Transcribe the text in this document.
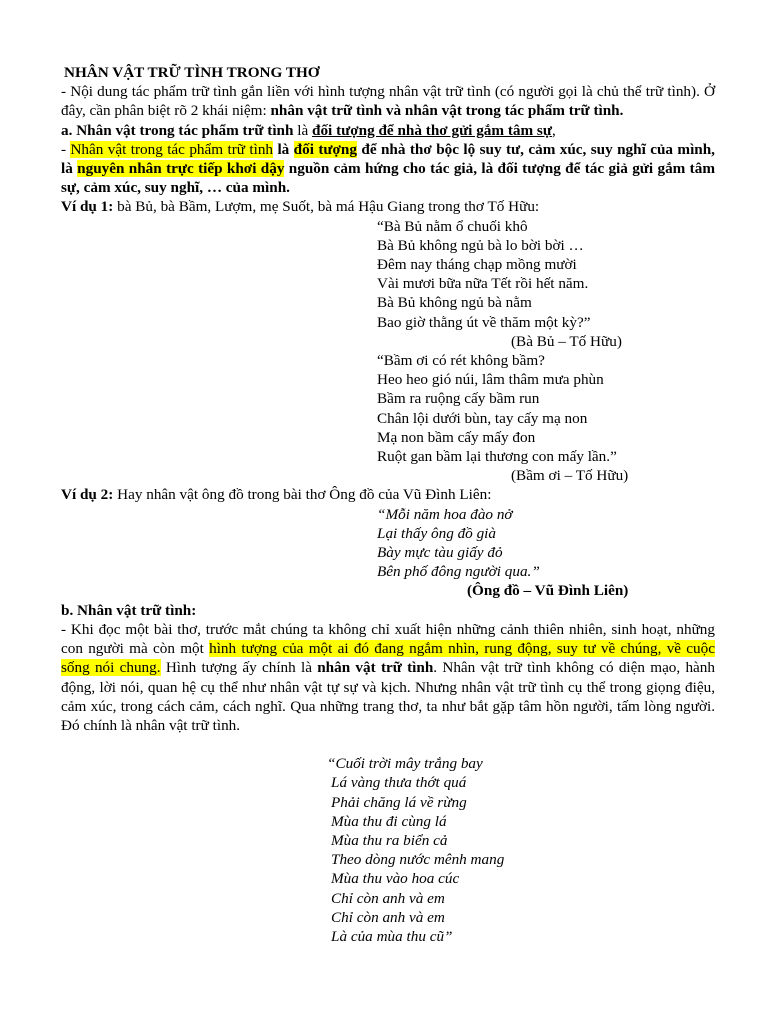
NHÂN VẬT TRỮ TÌNH TRONG THƠ

- Nội dung tác phẩm trữ tình gắn liền với hình tượng nhân vật trữ tình (có người gọi là chủ thể trữ tình). Ở đây, cần phân biệt rõ 2 khái niệm: nhân vật trữ tình và nhân vật trong tác phẩm trữ tình.

a. Nhân vật trong tác phẩm trữ tình là đối tượng để nhà thơ gửi gắm tâm sự,

- Nhân vật trong tác phẩm trữ tình là đối tượng để nhà thơ bộc lộ suy tư, cảm xúc, suy nghĩ của mình, là nguyên nhân trực tiếp khơi dậy nguồn cảm hứng cho tác giả, là đối tượng để tác giả gửi gắm tâm sự, cảm xúc, suy nghĩ, … của mình.

Ví dụ 1: bà Bủ, bà Bầm, Lượm, mẹ Suốt, bà má Hậu Giang trong thơ Tố Hữu:

“Bà Bủ nằm ổ chuối khô

Bà Bủ không ngủ bà lo bời bời …

Đêm nay tháng chạp mồng mười

Vài mươi bữa nữa Tết rồi hết năm.

Bà Bủ không ngủ bà nằm

Bao giờ thằng út về thăm một kỳ?”

(Bà Bủ – Tố Hữu)

“Bầm ơi có rét không bầm?

Heo heo gió núi, lâm thâm mưa phùn

Bầm ra ruộng cấy bầm run

Chân lội dưới bùn, tay cấy mạ non

Mạ non bầm cấy mấy đon

Ruột gan bầm lại thương con mấy lần.”

(Bầm ơi – Tố Hữu)

Ví dụ 2: Hay nhân vật ông đồ trong bài thơ Ông đồ của Vũ Đình Liên:

“Mỗi năm hoa đào nở

Lại thấy ông đồ già

Bày mực tàu giấy đỏ

Bên phố đông người qua.”

(Ông đồ – Vũ Đình Liên)

b. Nhân vật trữ tình:

- Khi đọc một bài thơ, trước mắt chúng ta không chỉ xuất hiện những cảnh thiên nhiên, sinh hoạt, những con người mà còn một hình tượng của một ai đó đang ngắm nhìn, rung động, suy tư về chúng, về cuộc sống nói chung. Hình tượng ấy chính là nhân vật trữ tình. Nhân vật trữ tình không có diện mạo, hành động, lời nói, quan hệ cụ thể như nhân vật tự sự và kịch. Nhưng nhân vật trữ tình cụ thể trong giọng điệu, cảm xúc, trong cách cảm, cách nghĩ. Qua những trang thơ, ta như bắt gặp tâm hồn người, tấm lòng người. Đó chính là nhân vật trữ tình.

“Cuối trời mây trắng bay

Lá vàng thưa thớt quá

Phải chăng lá về rừng

Mùa thu đi cùng lá

Mùa thu ra biển cả

Theo dòng nước mênh mang

Mùa thu vào hoa cúc

Chỉ còn anh và em

Chỉ còn anh và em

Là của mùa thu cũ”
